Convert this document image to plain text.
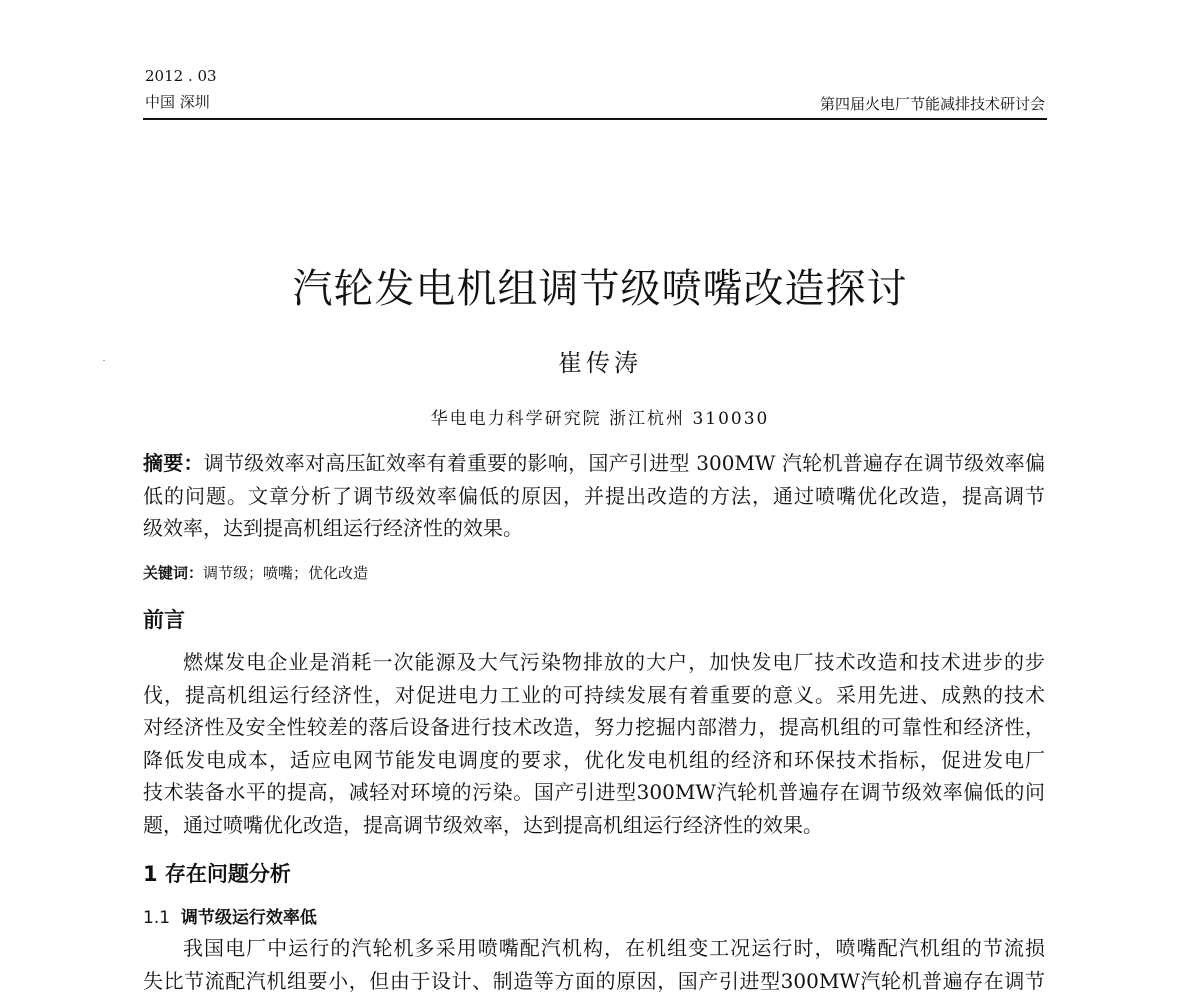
2012 . 03
中国 深圳	第四届火电厂节能减排技术研讨会
汽轮发电机组调节级喷嘴改造探讨
崔传涛
华电电力科学研究院 浙江杭州 310030
摘要：调节级效率对高压缸效率有着重要的影响，国产引进型 300MW 汽轮机普遍存在调节级效率偏
低的问题。文章分析了调节级效率偏低的原因，并提出改造的方法，通过喷嘴优化改造，提高调节
级效率，达到提高机组运行经济性的效果。
关键词：调节级；喷嘴；优化改造
前言
燃煤发电企业是消耗一次能源及大气污染物排放的大户，加快发电厂技术改造和技术进步的步
伐，提高机组运行经济性，对促进电力工业的可持续发展有着重要的意义。采用先进、成熟的技术
对经济性及安全性较差的落后设备进行技术改造，努力挖掘内部潜力，提高机组的可靠性和经济性，
降低发电成本，适应电网节能发电调度的要求，优化发电机组的经济和环保技术指标，促进发电厂
技术装备水平的提高，减轻对环境的污染。国产引进型300MW汽轮机普遍存在调节级效率偏低的问
题，通过喷嘴优化改造，提高调节级效率，达到提高机组运行经济性的效果。
1 存在问题分析
1.1 调节级运行效率低
我国电厂中运行的汽轮机多采用喷嘴配汽机构，在机组变工况运行时，喷嘴配汽机组的节流损
失比节流配汽机组要小，但由于设计、制造等方面的原因，国产引进型300MW汽轮机普遍存在调节
